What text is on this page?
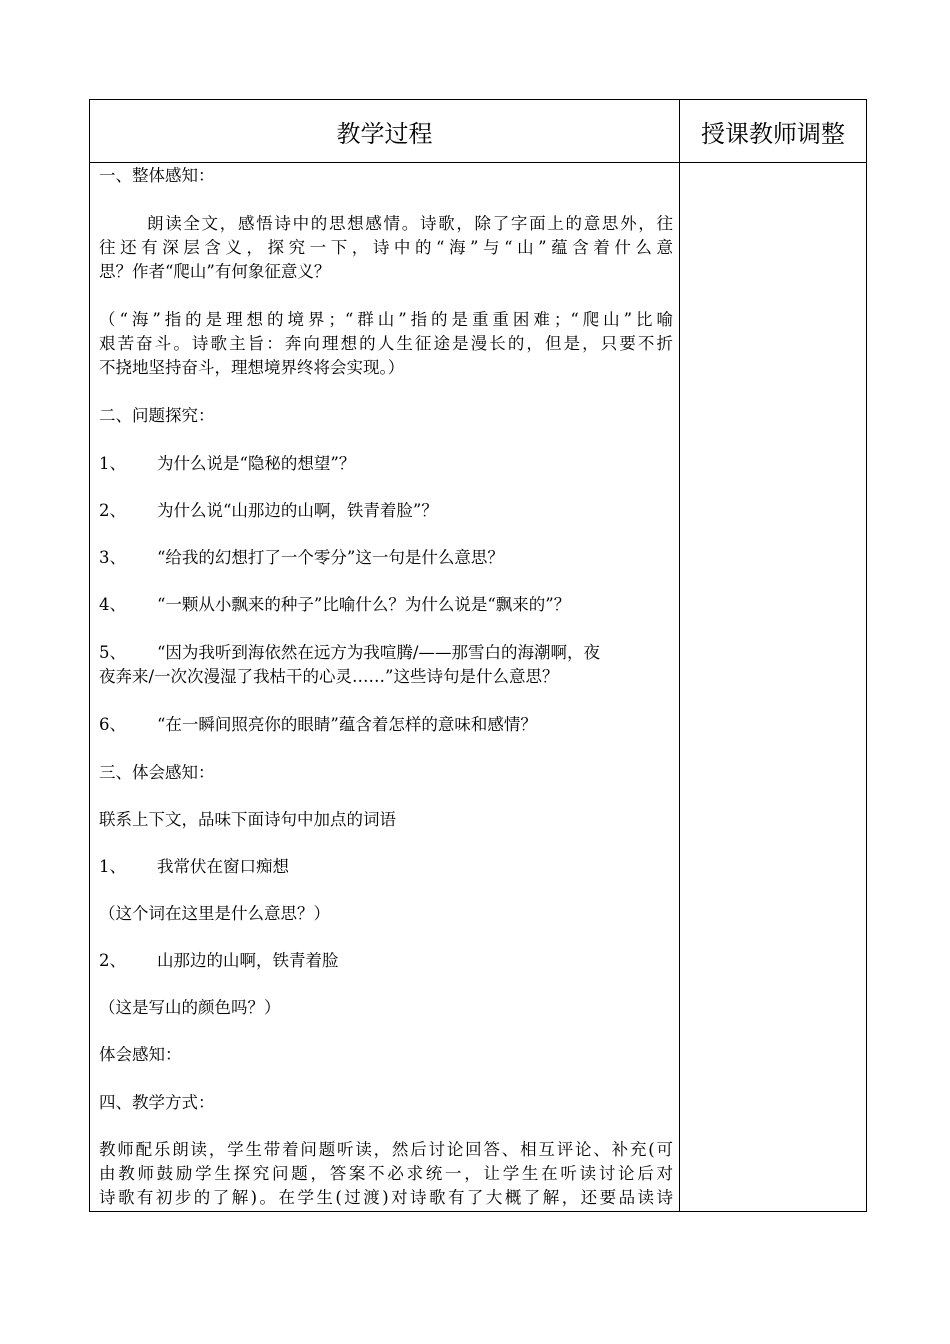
教学过程	授课教师调整
一、整体感知：
朗读全文，感悟诗中的思想感情。诗歌，除了字面上的意思外，往
往还有深层含义，探究一下，诗中的“海”与“山”蕴含着什么意
思？作者“爬山”有何象征意义？
（“海”指的是理想的境界；“群山”指的是重重困难；“爬山”比喻
艰苦奋斗。诗歌主旨：奔向理想的人生征途是漫长的，但是，只要不折
不挠地坚持奋斗，理想境界终将会实现。）
二、问题探究：
1、 为什么说是“隐秘的想望”？
2、 为什么说“山那边的山啊，铁青着脸”？
3、 “给我的幻想打了一个零分”这一句是什么意思？
4、 “一颗从小飘来的种子”比喻什么？为什么说是“飘来的”？
5、 “因为我听到海依然在远方为我喧腾/——那雪白的海潮啊，夜
夜奔来/一次次漫湿了我枯干的心灵……”这些诗句是什么意思？
6、 “在一瞬间照亮你的眼睛”蕴含着怎样的意味和感情？
三、体会感知：
联系上下文，品味下面诗句中加点的词语
1、 我常伏在窗口痴想
（这个词在这里是什么意思？）
2、 山那边的山啊，铁青着脸
（这是写山的颜色吗？）
体会感知：
四、教学方式：
教师配乐朗读，学生带着问题听读，然后讨论回答、相互评论、补充(可
由教师鼓励学生探究问题，答案不必求统一，让学生在听读讨论后对
诗歌有初步的了解)。在学生(过渡)对诗歌有了大概了解，还要品读诗
